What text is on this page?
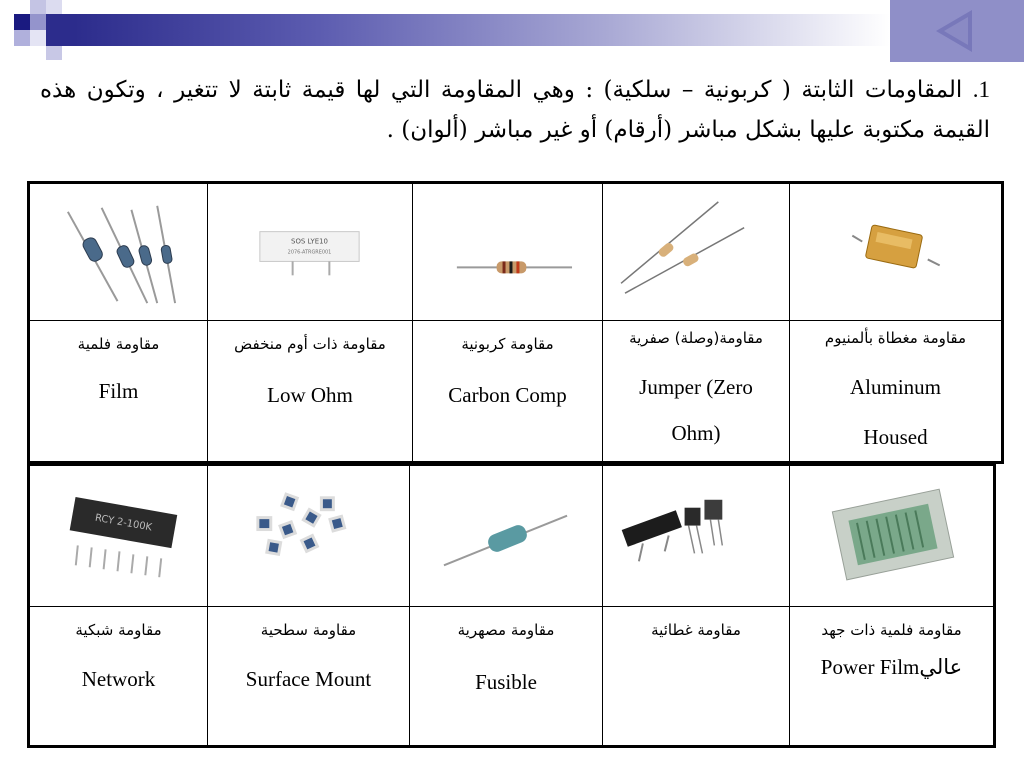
1. المقاومات الثابتة ( كربونية – سلكية) : وهي المقاومة التي لها قيمة ثابتة لا تتغير ، وتكون هذه القيمة مكتوبة عليها بشكل مباشر (أرقام) أو غير مباشر (ألوان) .
SOS LYE10
2076-ATRGRE001
مقاومة فلمية
Film
مقاومة ذات أوم منخفض
Low Ohm
مقاومة كربونية
Carbon Comp
مقاومة(وصلة) صفرية
Jumper (Zero
Ohm)
مقاومة مغطاة بألمنيوم
Aluminum
Housed
RCY 2-100K
مقاومة شبكية
Network
مقاومة سطحية
Surface Mount
مقاومة مصهرية
Fusible
مقاومة غطائية	مقاومة فلمية ذات جهد
Power Filmعالي
